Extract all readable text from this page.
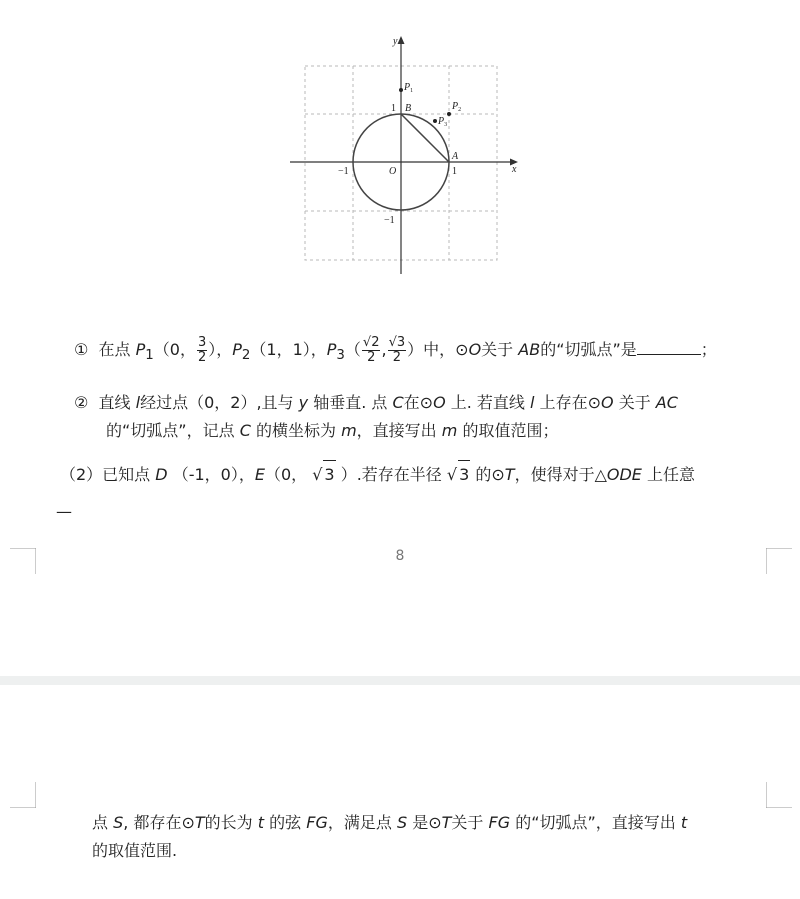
y
x
O
−1	1
1
−1
A
B
$P_1$
$P_2$
$P_3$
① 在点 $P_1(0$， $\frac{3}{2}$ ），$P_2(1$，1），$P_3( \frac{√2}{2}$ , $\frac{√3}{2}$ ）中，⊙O关于 AB的“切弧点”是	；
② 直线 l经过点（0，2）,且与 y 轴垂直. 点 C在⊙O 上. 若直线 l 上存在⊙O 关于 AC
的“切弧点”，记点 C 的横坐标为 m，直接写出 m 的取值范围；
（2）已知点 D （-1，0），E（0， √ 3 ）.若存在半径 √ 3 的⊙T，使得对于△ODE 上任意
—
8
点 S, 都存在⊙T的长为 t 的弦 FG，满足点 S 是⊙T关于 FG 的“切弧点”，直接写出 t
的取值范围.
